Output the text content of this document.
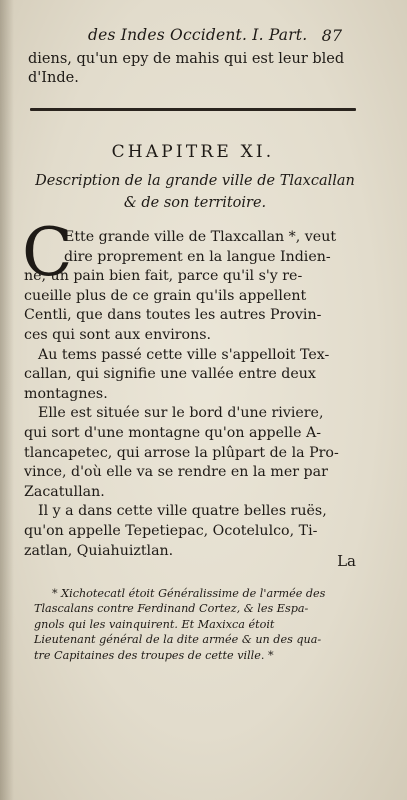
des Indes Occident. I. Part. 87
diens, qu'un epy de mahis qui est leur bled
d'Inde.
CHAPITRE XI.
Description de la grande ville de Tlaxcallan
& de son territoire.
C
Ette grande ville de Tlaxcallan *, veut
dire proprement en la langue Indien-
ne, un pain bien fait, parce qu'il s'y re-
cueille plus de ce grain qu'ils appellent
Centli, que dans toutes les autres Provin-
ces qui sont aux environs.
Au tems passé cette ville s'appelloit Tex-
callan, qui signifie une vallée entre deux
montagnes.
Elle est située sur le bord d'une riviere,
qui sort d'une montagne qu'on appelle A-
tlancapetec, qui arrose la plûpart de la Pro-
vince, d'où elle va se rendre en la mer par
Zacatullan.
Il y a dans cette ville quatre belles ruës,
qu'on appelle Tepetiepac, Ocotelulco, Ti-
zatlan, Quiahuiztlan.
La
* Xichotecatl étoit Généralissime de l'armée des
Tlascalans contre Ferdinand Cortez, & les Espa-
gnols qui les vainquirent. Et Maxixca étoit
Lieutenant général de la dite armée & un des qua-
tre Capitaines des troupes de cette ville. *
